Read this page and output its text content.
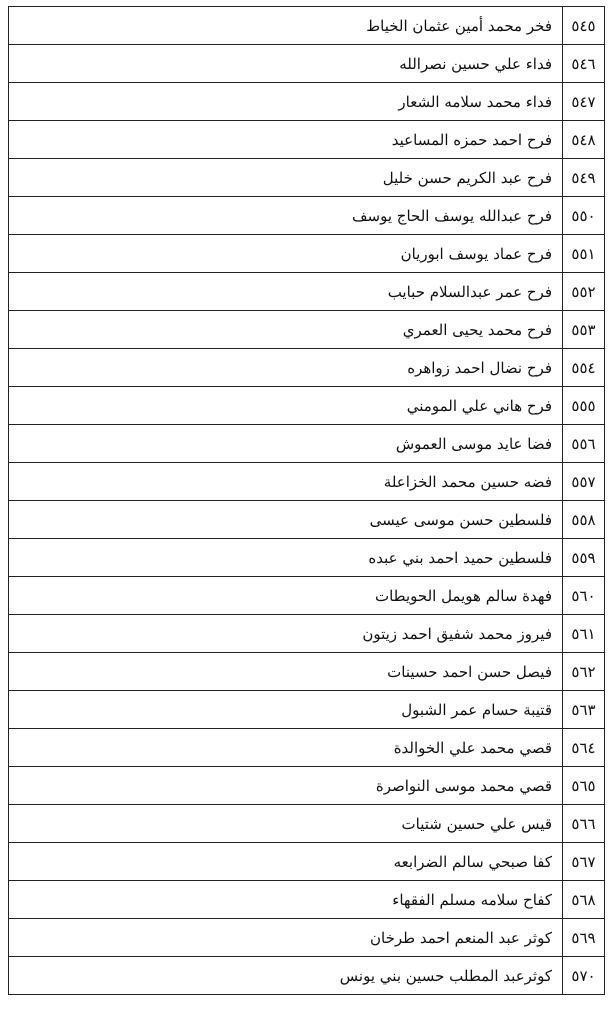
٥٤٥	فخر محمد أمين عثمان الخياط
٥٤٦	فداء علي حسين نصرالله
٥٤٧	فداء محمد سلامه الشعار
٥٤٨	فرح احمد حمزه المساعيد
٥٤٩	فرح عبد الكريم حسن خليل
٥٥٠	فرح عبدالله يوسف الحاج يوسف
٥٥١	فرح عماد يوسف ابوريان
٥٥٢	فرح عمر عبدالسلام حبايب
٥٥٣	فرح محمد يحيى العمري
٥٥٤	فرح نضال احمد زواهره
٥٥٥	فرح هاني علي المومني
٥٥٦	فضا عايد موسى العموش
٥٥٧	فضه حسين محمد الخزاعلة
٥٥٨	فلسطين حسن موسى عيسى
٥٥٩	فلسطين حميد احمد بني عبده
٥٦٠	فهدة سالم هويمل الحويطات
٥٦١	فيروز محمد شفيق احمد زيتون
٥٦٢	فيصل حسن احمد حسينات
٥٦٣	قتيبة حسام عمر الشبول
٥٦٤	قصي محمد علي الخوالدة
٥٦٥	قصي محمد موسى النواصرة
٥٦٦	قيس علي حسين شتيات
٥٦٧	كفا صبحي سالم الضرابعه
٥٦٨	كفاح سلامه مسلم الفقهاء
٥٦٩	كوثر عبد المنعم احمد طرخان
٥٧٠	كوثرعبد المطلب حسين بني يونس
